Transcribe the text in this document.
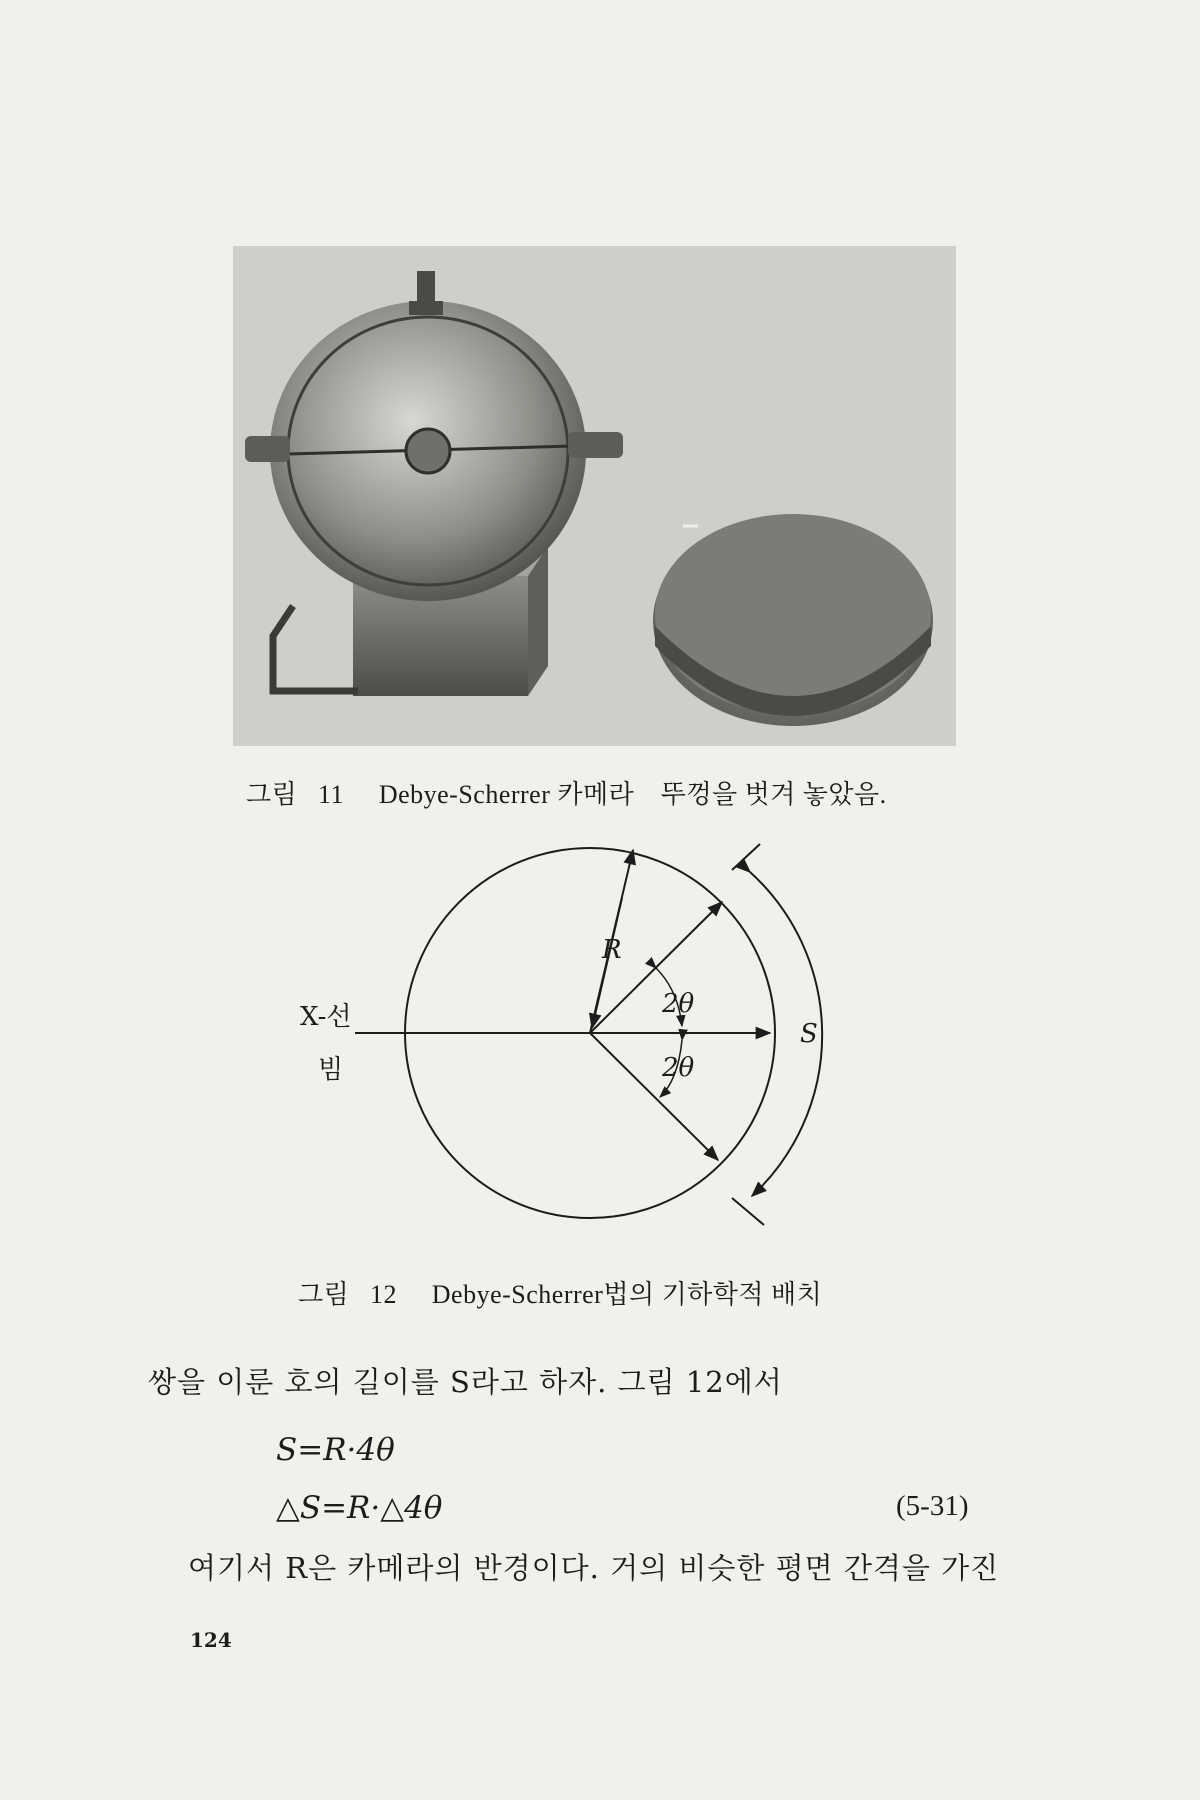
그림 11 Debye-Scherrer 카메라　뚜껑을 벗겨 놓았음.
X-선
빔
R
2θ
2θ
S
그림 12 Debye-Scherrer법의 기하학적 배치
쌍을 이룬 호의 길이를 S라고 하자. 그림 12에서
S=R·4θ
△S=R·△4θ	(5-31)
여기서 R은 카메라의 반경이다. 거의 비슷한 평면 간격을 가진
124
